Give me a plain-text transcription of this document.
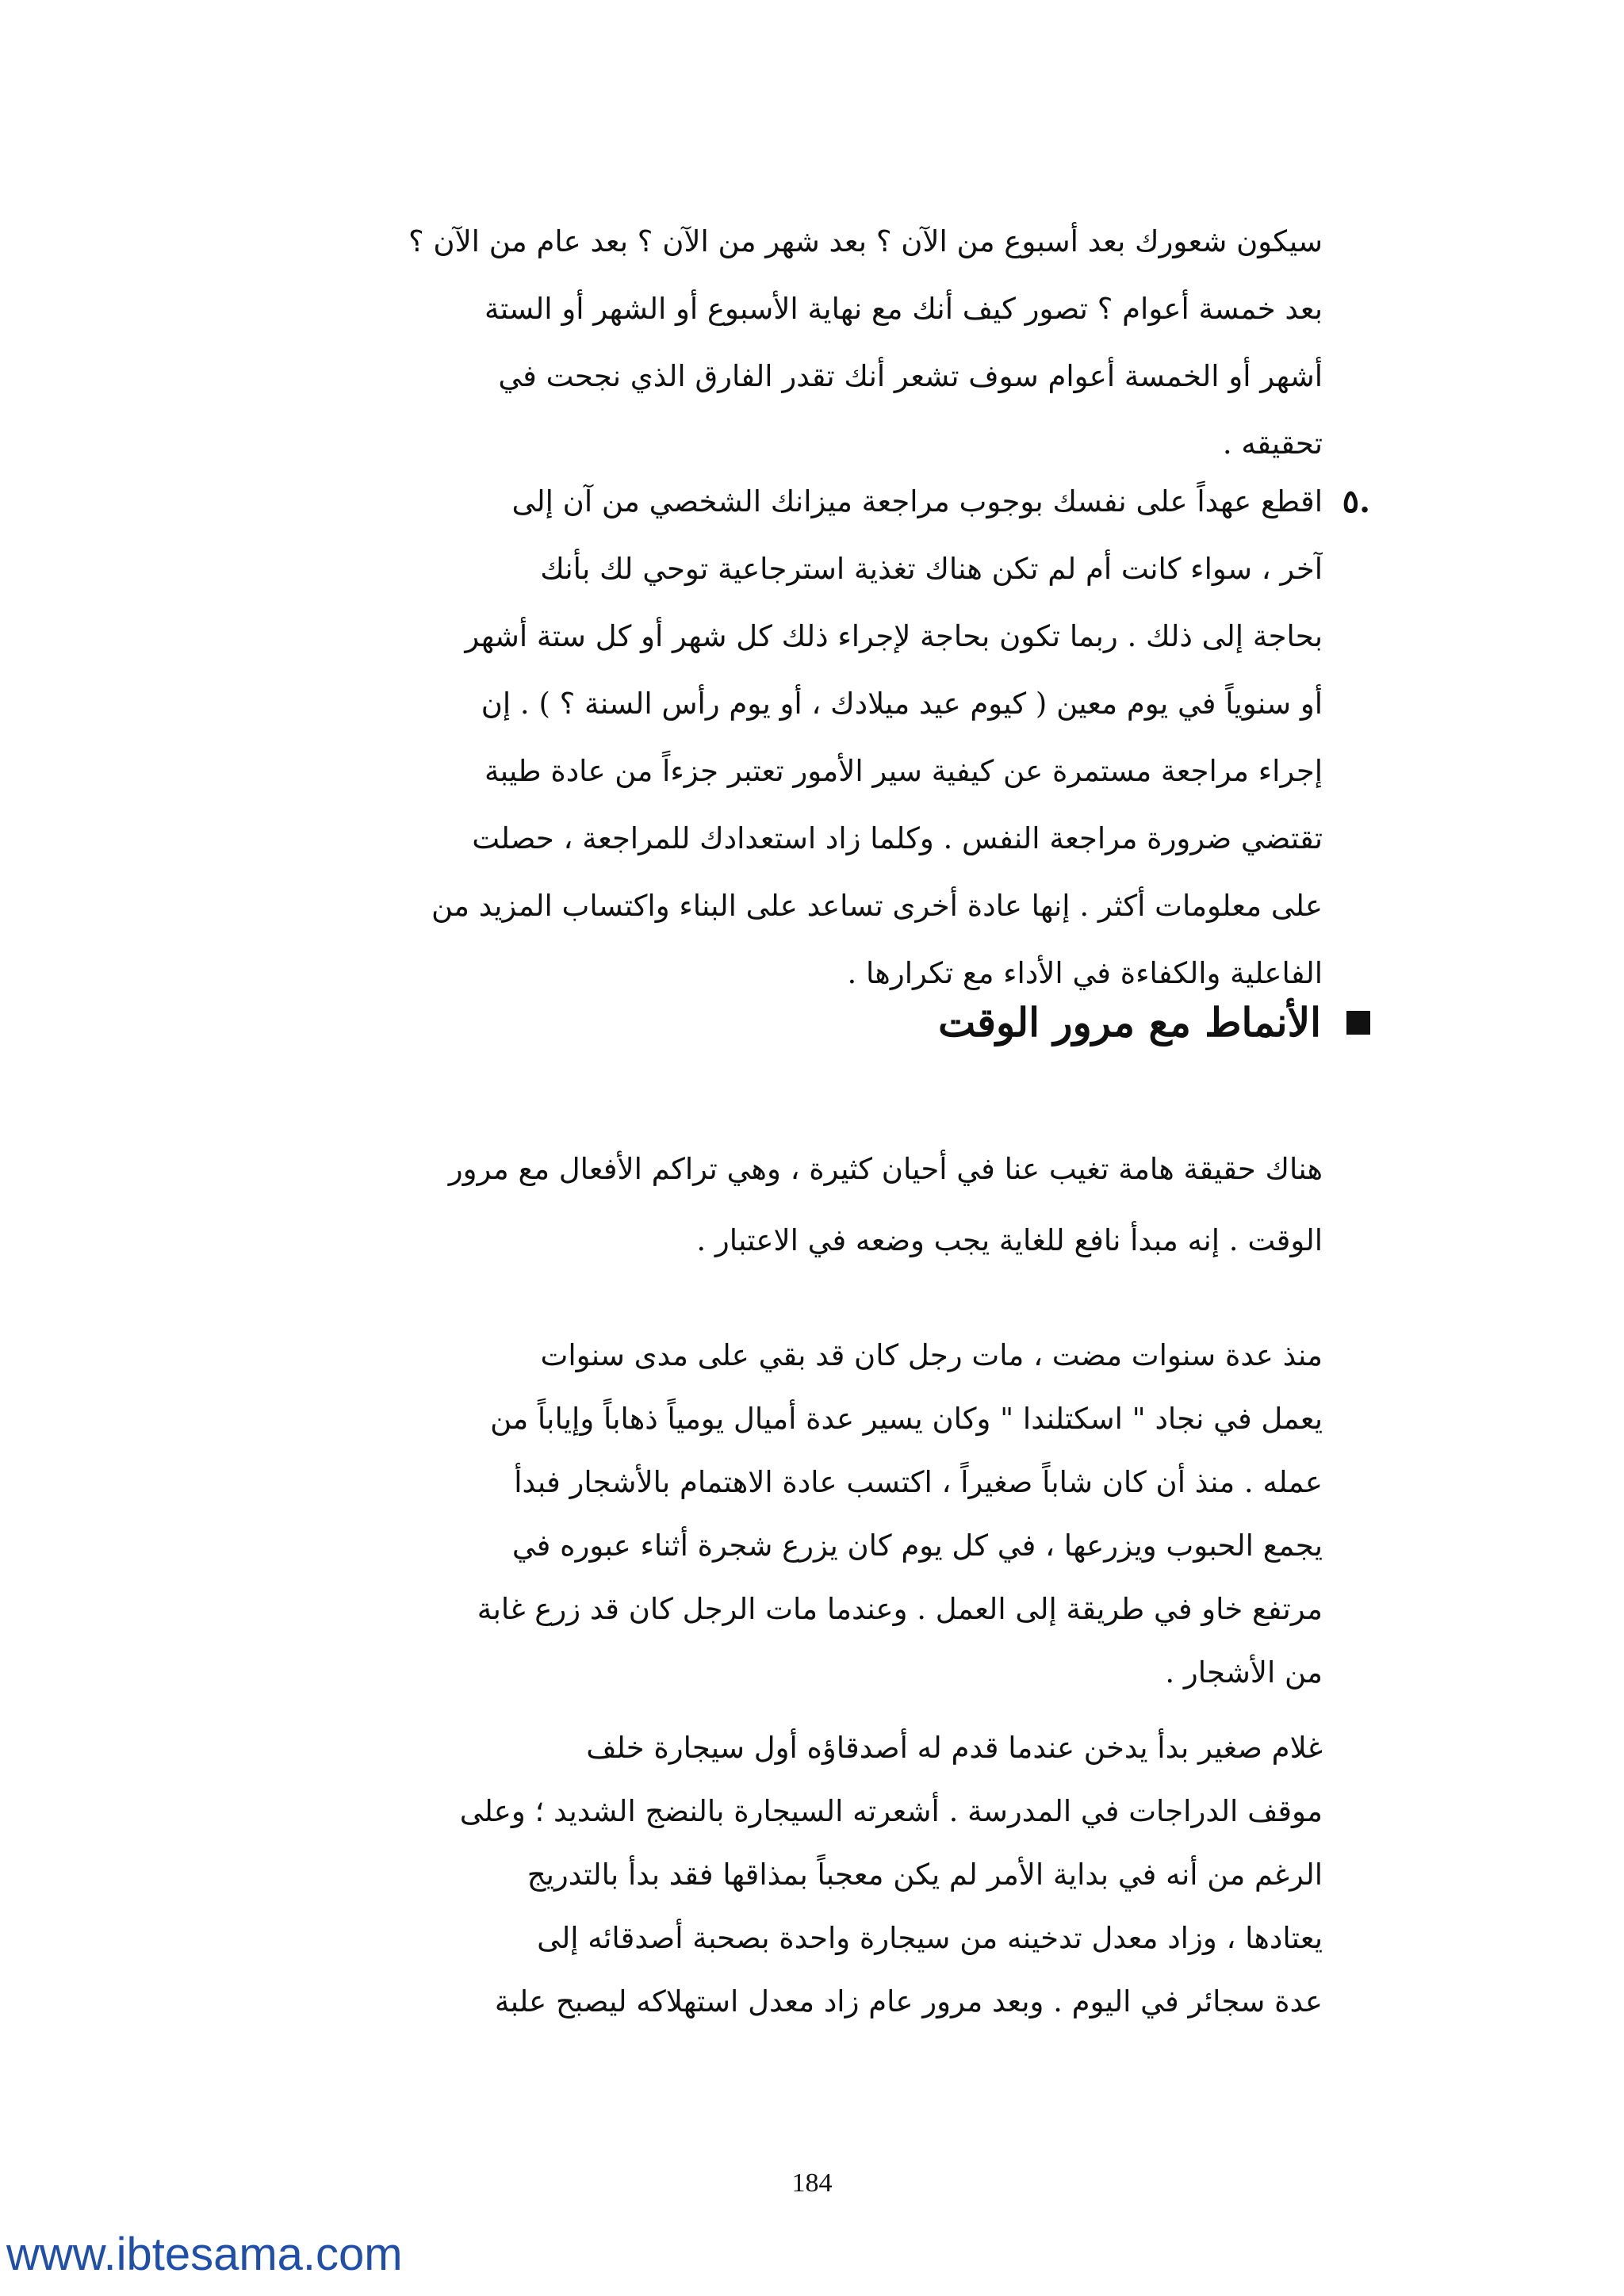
سيكون شعورك بعد أسبوع من الآن ؟ بعد شهر من الآن ؟ بعد عام من الآن ؟
بعد خمسة أعوام ؟ تصور كيف أنك مع نهاية الأسبوع أو الشهر أو الستة
أشهر أو الخمسة أعوام سوف تشعر أنك تقدر الفارق الذي نجحت في
تحقيقه .
.٥
اقطع عهداً على نفسك بوجوب مراجعة ميزانك الشخصي من آن إلى
آخر ، سواء كانت أم لم تكن هناك تغذية استرجاعية توحي لك بأنك
بحاجة إلى ذلك . ربما تكون بحاجة لإجراء ذلك كل شهر أو كل ستة أشهر
أو سنوياً في يوم معين ( كيوم عيد ميلادك ، أو يوم رأس السنة ؟ ) . إن
إجراء مراجعة مستمرة عن كيفية سير الأمور تعتبر جزءاً من عادة طيبة
تقتضي ضرورة مراجعة النفس . وكلما زاد استعدادك للمراجعة ، حصلت
على معلومات أكثر . إنها عادة أخرى تساعد على البناء واكتساب المزيد من
الفاعلية والكفاءة في الأداء مع تكرارها .
الأنماط مع مرور الوقت
هناك حقيقة هامة تغيب عنا في أحيان كثيرة ، وهي تراكم الأفعال مع مرور
الوقت . إنه مبدأ نافع للغاية يجب وضعه في الاعتبار .
منذ عدة سنوات مضت ، مات رجل كان قد بقي على مدى سنوات
يعمل في نجاد " اسكتلندا " وكان يسير عدة أميال يومياً ذهاباً وإياباً من
عمله . منذ أن كان شاباً صغيراً ، اكتسب عادة الاهتمام بالأشجار فبدأ
يجمع الحبوب ويزرعها ، في كل يوم كان يزرع شجرة أثناء عبوره في
مرتفع خاو في طريقة إلى العمل . وعندما مات الرجل كان قد زرع غابة
من الأشجار .
غلام صغير بدأ يدخن عندما قدم له أصدقاؤه أول سيجارة خلف
موقف الدراجات في المدرسة . أشعرته السيجارة بالنضج الشديد ؛ وعلى
الرغم من أنه في بداية الأمر لم يكن معجباً بمذاقها فقد بدأ بالتدريج
يعتادها ، وزاد معدل تدخينه من سيجارة واحدة بصحبة أصدقائه إلى
عدة سجائر في اليوم . وبعد مرور عام زاد معدل استهلاكه ليصبح علبة
184
www.ibtesama.com
